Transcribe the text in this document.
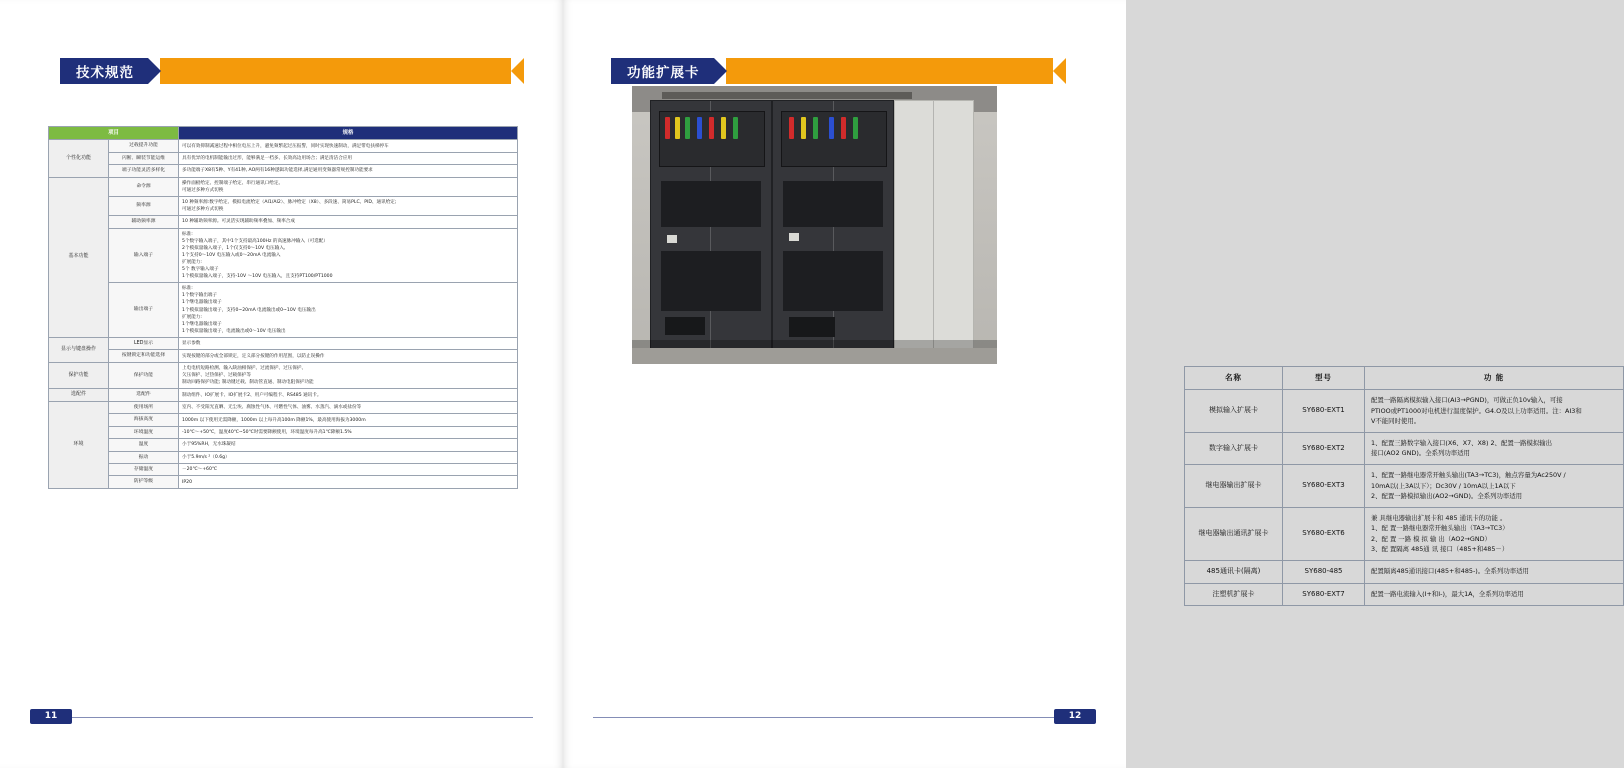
技术规范
项目		规格
个性化功能	过载提升功能	可以有效抑制减速过程中相位电压上升，避免频繁起过压报警，同时实现快速制动，满足带电扶梯停车

	闪断、瞬装节能运维	具有优异的电机制能输出过形，能够满足一档多、长效高边用场合；满足清洁合应用

	端子功能灵活多样化	多功能端子X8有5种、Y有41种, AO两有16种逻辑功能选择,满足通用变频器常规控制功能要求

基本功能	命令源	操作面板给定、控制端子给定、串行通讯口给定。
可通过多种方式切换

	频率源	10 种频率源:数字给定、模拟电流给定（AI1/AI2）、脉冲给定（X8）、多段速、简易PLC、PID、通讯给定;
可通过多种方式切换

	辅助频率源	10 种辅助频率源。可灵活实现辅助频率叠加、频率合成

输入端子	
标准:
5个数字输入端子，其中1个支持最高100Hz 的高速脉冲输入（可选配）
2个模拟量输入端子，1个仅支持0～10V 电压输入,
1个支持0～10V 电压输入或0～20mA 电流输入
扩展能力:
5个 数字输入端子
1个模拟量输入端子，支持-10V ～10V 电压输入，且支持PT100/PT1000

输出端子	
标准:
1个数字输出端子
1个继电器输出端子
1个模拟量输出端子，支持0~20mA 电流输出或0~10V 电压输出
扩展能力:
1个继电器输出端子
1个模拟量输出端子，电流输出或0～10V 电压输出

显示与键盘操作	LED显示	显示参数

	按键锁定和功能选择	实现按键的部分或全部锁定，定义部分按键的作用范围，以防止误操作

保护功能	保护功能	上电电机短路检测、输入缺油相保护、过流保护、过压保护、
欠压保护、过热保护、过载保护等
制动回路保护功能; 制动键过载、制动管直通、制动电阻保护功能

选配件	选配件	制动组件、IO扩展卡、IO扩展卡2、用户可编程卡、RS485 通讯卡。

环境	使用场所	室内、不受阳光直晒、无尘埃、腐蚀性气体、可燃性气体、油雾、水蒸汽、滴水或盐份等

	海拔高度	1000m 以下使用无需降额，1000m 以上每升高100m 降额1%，最高使用海拔为3000m

	环境温度	-10℃～+50℃，温度40℃~50℃时需要降额使用，环境温度每升高1℃降额1.5%

	温度	小于95%RH，无水珠凝结

	振动	小于5.9m/s ²（0.6g）

	存储温度	－20℃～+60℃

	防护等级	IP20
11
功能扩展卡
名称	型号	功 能
模拟输入扩展卡	SY680-EXT1	配置一路隔离模拟输入接口(AI3→PGND)，可做正负10v输入，可接
PTIOO或PT1000对电机进行温度保护。G4.O及以上功率适用。注：AI3和
V不能同时使用。

数字输入扩展卡	SY680-EXT2	1、配置三路数字输入接口(X6、X7、X8) 2、配置一路模拟输出
接口(AO2 GND)。全系列功率适用

继电器输出扩展卡	SY680-EXT3	1、配置一路继电器常开触头输出(TA3→TC3)，触点容量为Ac250V /
10mA以(上3A以下）；Dc30V / 10mA以上1A以下
2、配置一路模拟输出(AO2→GND)。全系列功率适用

继电器输出通讯扩展卡	SY680-EXT6	兼 具继电器输出扩展卡和 485 通讯卡的功能 。
1、配 置一路继电器常开触头输出（TA3→TC3）
2、配 置 一路 模 拟 输 出（AO2→GND）
3、配 置隔离 485通 讯 接口（485+和485－）

485通讯卡(隔离)	SY680-485	配置隔离485通讯接口(485+和485-)。全系列功率适用

注塑机扩展卡	SY680-EXT7	配置一路电流输入(I+和I-)，最大1A，全系列功率适用
12
